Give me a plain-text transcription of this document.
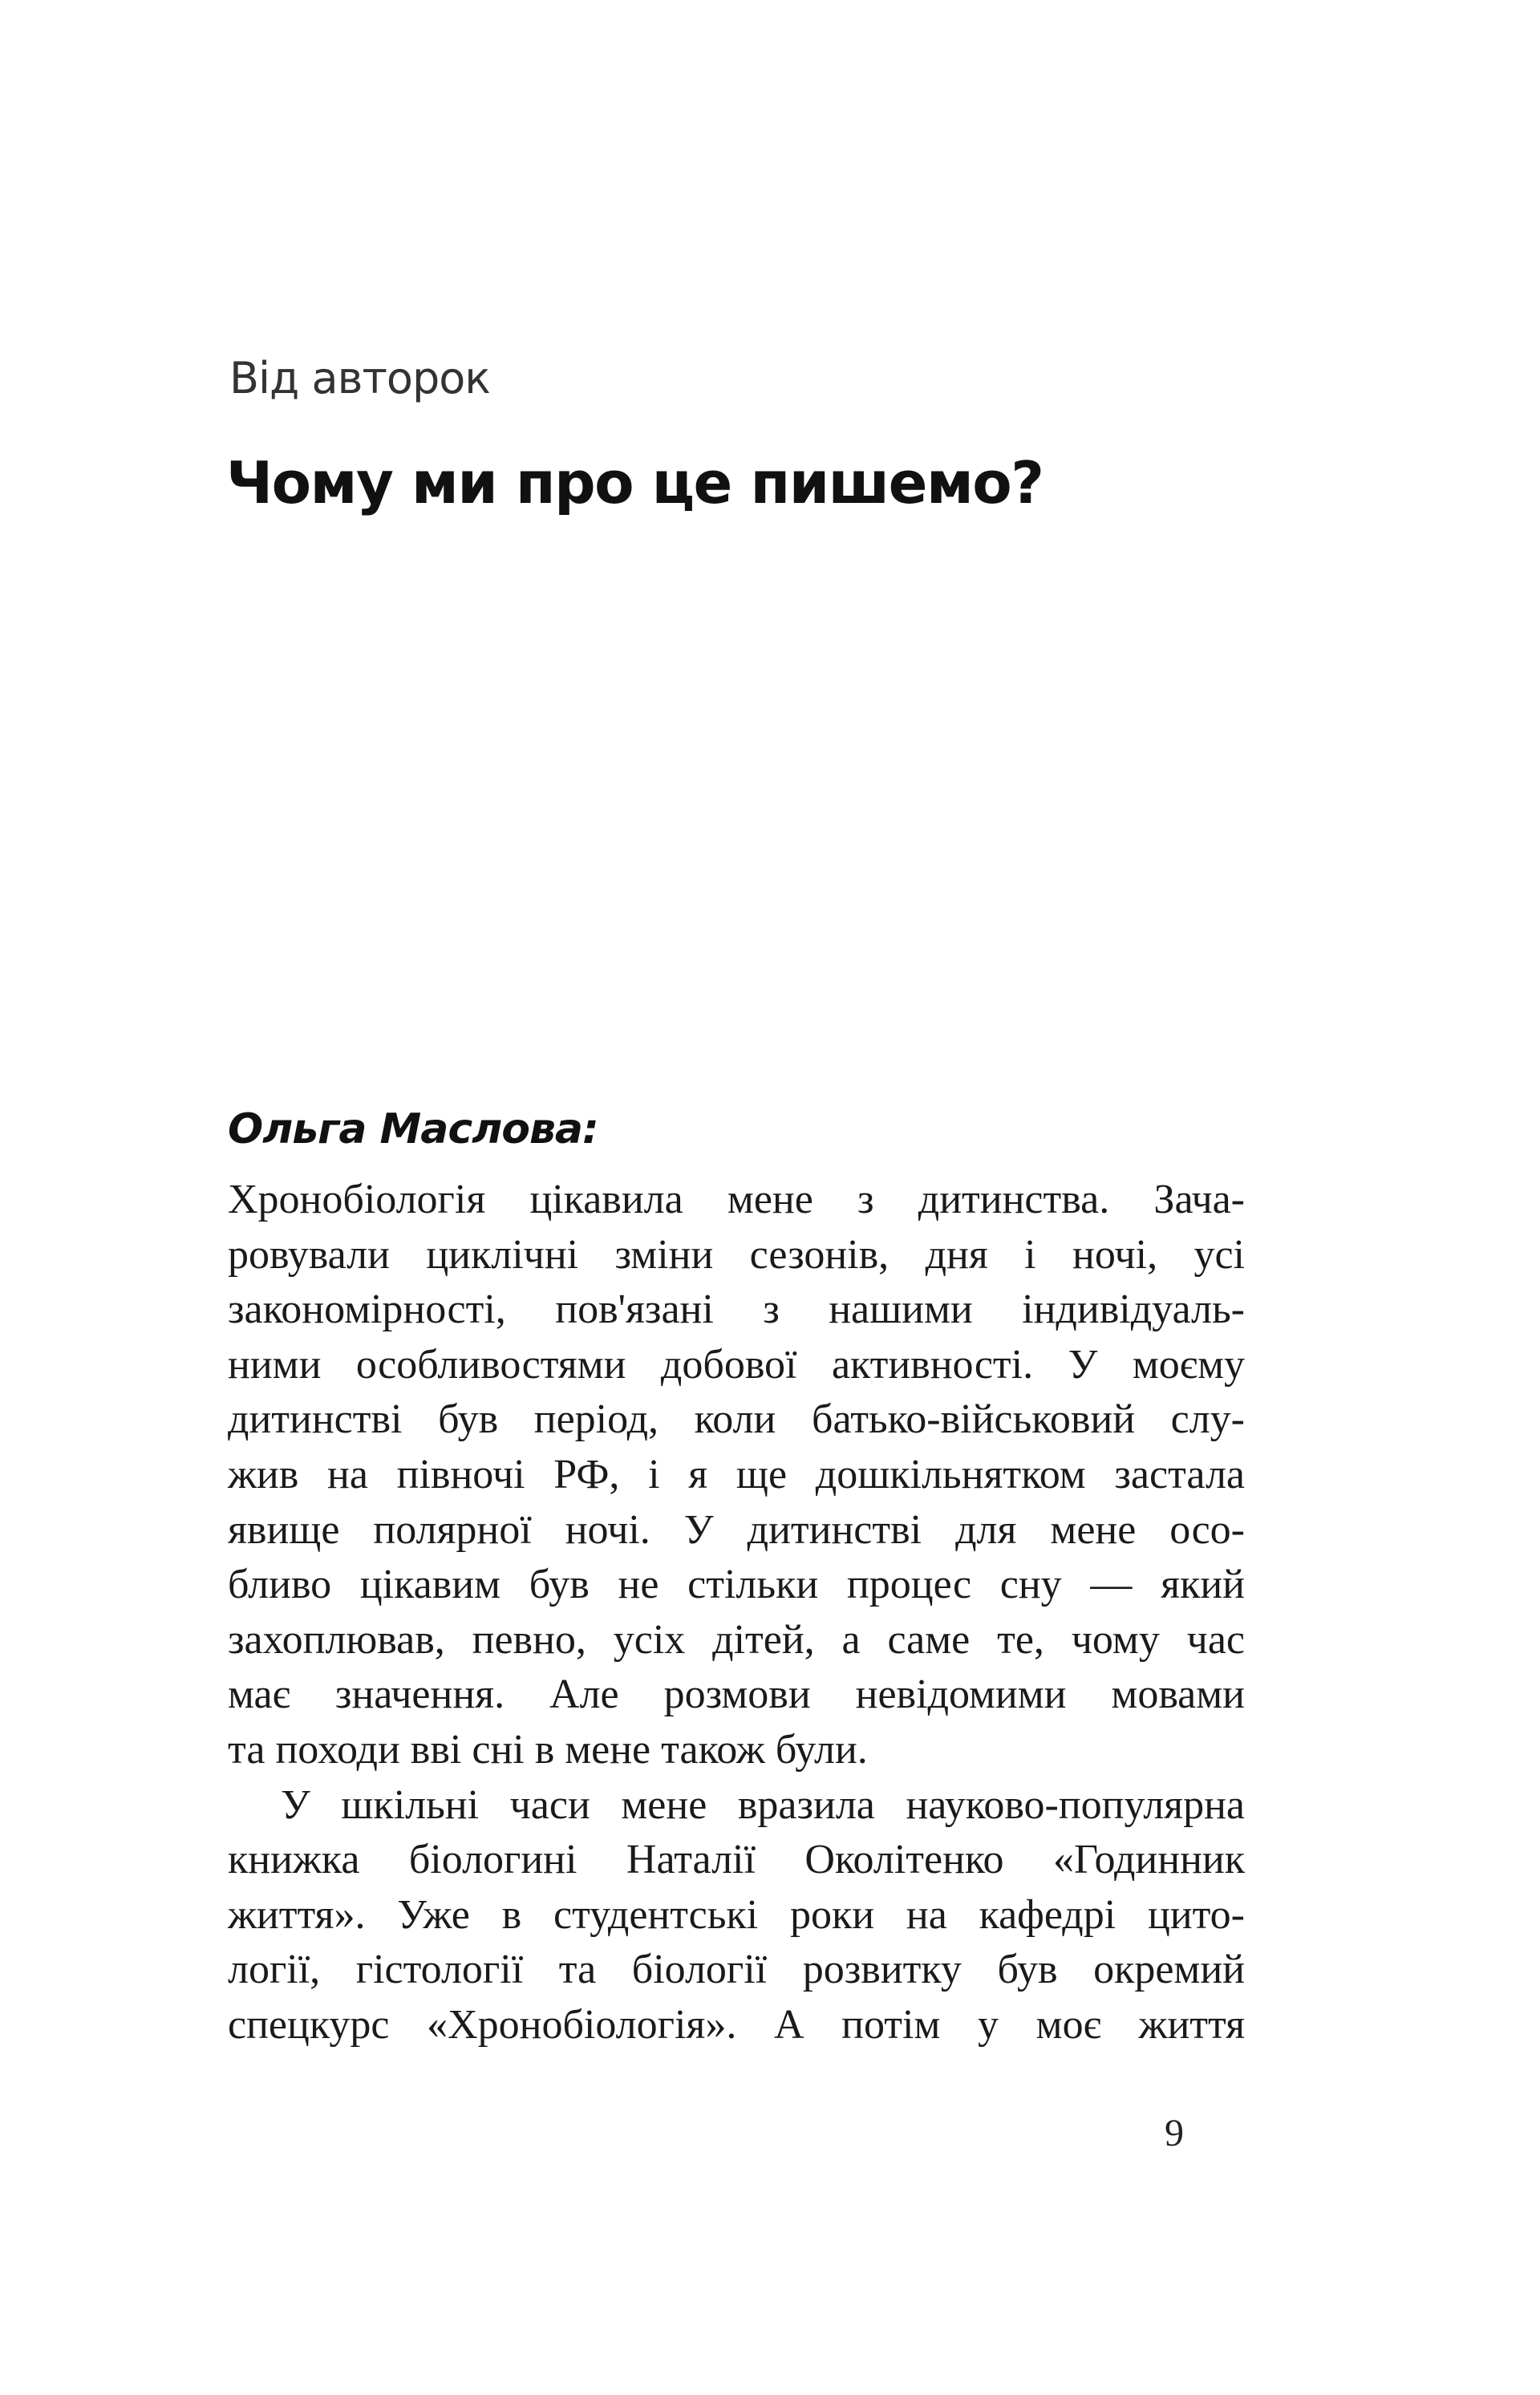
Від авторок
Чому ми про це пишемо?
Ольга Маслова:
Хронобіологія цікавила мене з дитинства. Зача-
ровували циклічні зміни сезонів, дня і ночі, усі
закономірності, пов'язані з нашими індивідуаль-
ними особливостями добової активності. У моєму
дитинстві був період, коли батько-військовий слу-
жив на півночі РФ, і я ще дошкільнятком застала
явище полярної ночі. У дитинстві для мене осо-
бливо цікавим був не стільки процес сну — який
захоплював, певно, усіх дітей, а саме те, чому час
має значення. Але розмови невідомими мовами
та походи вві сні в мене також були.
У шкільні часи мене вразила науково-популярна
книжка біологині Наталії Околітенко «Годинник
життя». Уже в студентські роки на кафедрі цито-
логії, гістології та біології розвитку був окремий
спецкурс «Хронобіологія». А потім у моє життя
9
